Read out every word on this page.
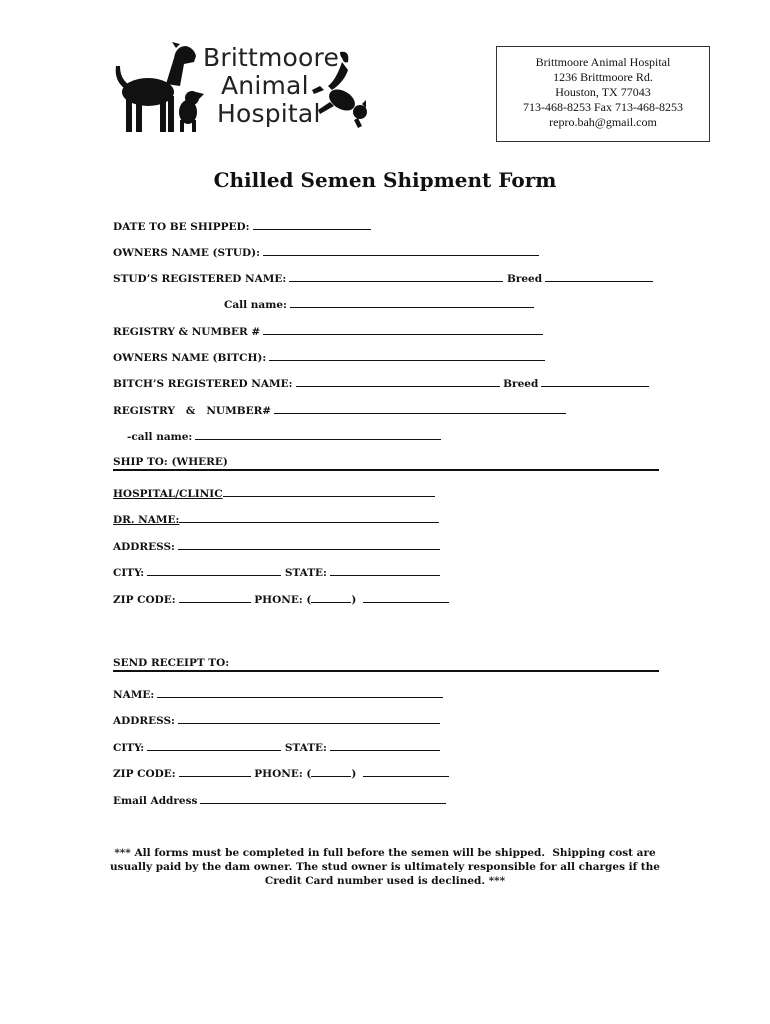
Brittmoore
Animal
Hospital
Brittmoore Animal Hospital
1236 Brittmoore Rd.
Houston, TX 77043
713-468-8253 Fax 713-468-8253
repro.bah@gmail.com
Chilled Semen Shipment Form
DATE TO BE SHIPPED:
OWNERS NAME (STUD):
STUD’S REGISTERED NAME:	Breed
Call name:
REGISTRY & NUMBER #
OWNERS NAME (BITCH):
BITCH’S REGISTERED NAME:	Breed
REGISTRY   &   NUMBER#
-call name:
SHIP TO: (WHERE)
HOSPITAL/CLINIC
DR. NAME:
ADDRESS:
CITY:	STATE:
ZIP CODE:	PHONE: (	)
SEND RECEIPT TO:
NAME:
ADDRESS:
CITY:	STATE:
ZIP CODE:	PHONE: (	)
Email Address
*** All forms must be completed in full before the semen will be shipped.  Shipping cost are
usually paid by the dam owner. The stud owner is ultimately responsible for all charges if the
Credit Card number used is declined. ***
